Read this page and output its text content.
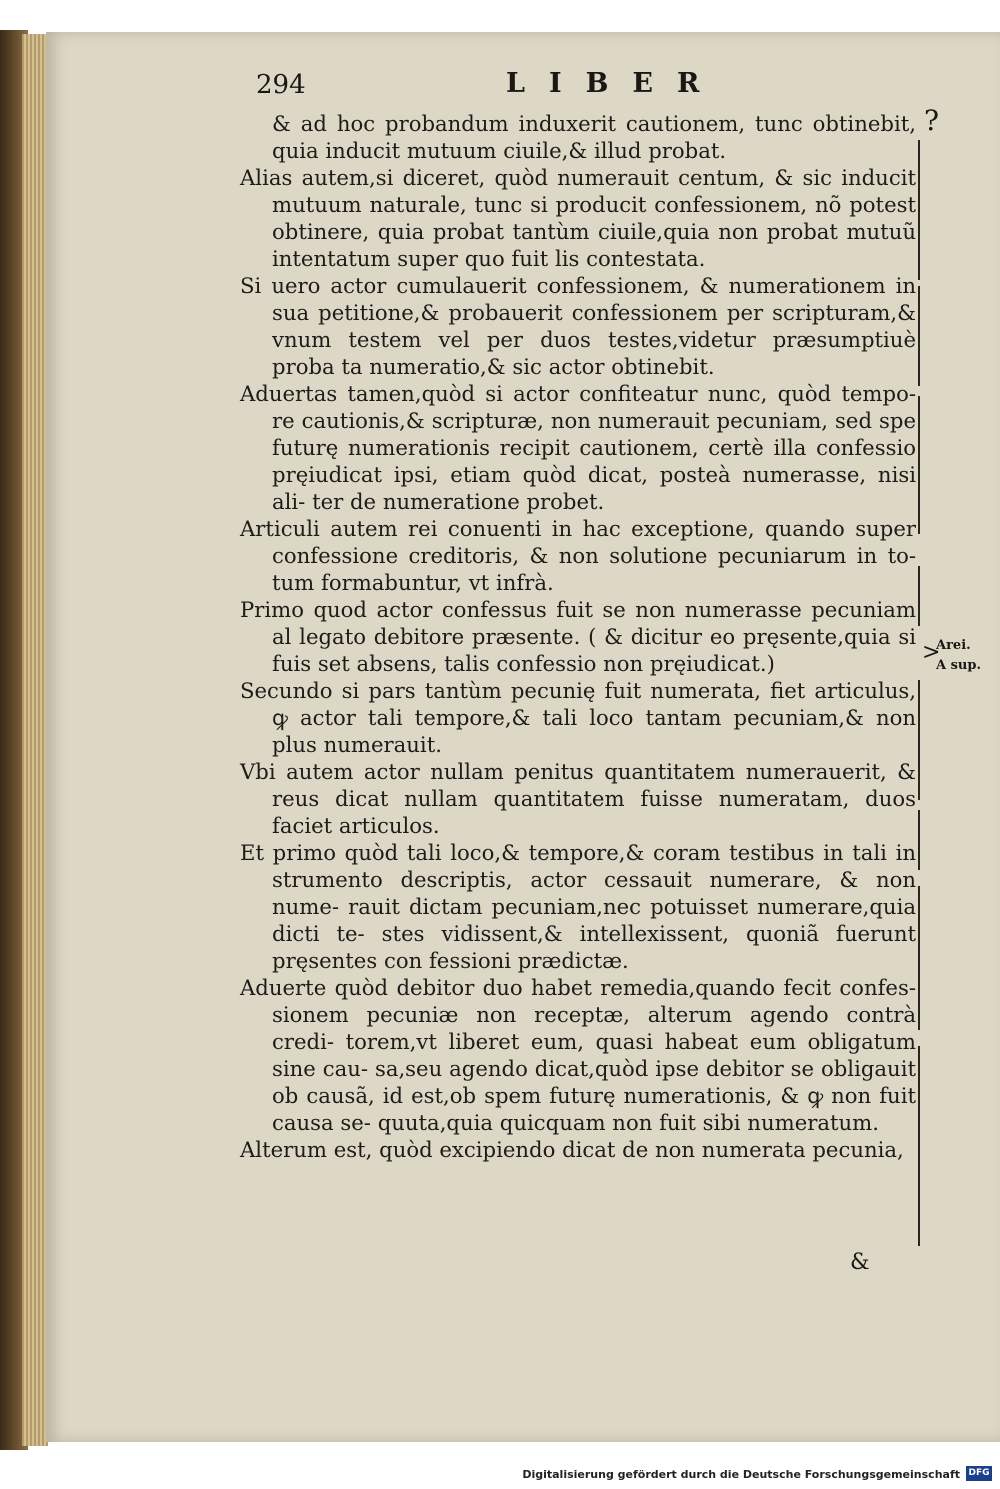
294	LIBER
?
>
Arei.
A sup.

& ad hoc probandum induxerit cautionem, tunc obtinebit, quia inducit mutuum ciuile,& illud probat.

Alias autem,si diceret, quòd numerauit centum, & sic inducit mutuum naturale, tunc si producit confessionem, nõ potest obtinere, quia probat tantùm ciuile,quia non probat mutuũ intentatum super quo fuit lis contestata.

Si uero actor cumulauerit confessionem, & numerationem in sua petitione,& probauerit confessionem per scripturam,& vnum testem vel per duos testes,videtur præsumptiuè proba ta numeratio,& sic actor obtinebit.

Aduertas tamen,quòd si actor confiteatur nunc, quòd tempo- re cautionis,& scripturæ, non numerauit pecuniam, sed spe futurę numerationis recipit cautionem, certè illa confessio pręiudicat ipsi, etiam quòd dicat, posteà numerasse, nisi ali- ter de numeratione probet.

Articuli autem rei conuenti in hac exceptione, quando super confessione creditoris, & non solutione pecuniarum in to- tum formabuntur, vt infrà.

Primo quod actor confessus fuit se non numerasse pecuniam al legato debitore præsente. ( & dicitur eo pręsente,quia si fuis set absens, talis confessio non pręiudicat.)

Secundo si pars tantùm pecunię fuit numerata, fiet articulus, ꝙ actor tali tempore,& tali loco tantam pecuniam,& non plus numerauit.

Vbi autem actor nullam penitus quantitatem numerauerit, & reus dicat nullam quantitatem fuisse numeratam, duos faciet articulos.

Et primo quòd tali loco,& tempore,& coram testibus in tali in strumento descriptis, actor cessauit numerare, & non nume- rauit dictam pecuniam,nec potuisset numerare,quia dicti te- stes vidissent,& intellexissent, quoniã fuerunt pręsentes con fessioni prædictæ.

Aduerte quòd debitor duo habet remedia,quando fecit confes- sionem pecuniæ non receptæ, alterum agendo contrà credi- torem,vt liberet eum, quasi habeat eum obligatum sine cau- sa,seu agendo dicat,quòd ipse debitor se obligauit ob causã, id est,ob spem futurę numerationis, & ꝙ non fuit causa se- quuta,quia quicquam non fuit sibi numeratum.

Alterum est, quòd excipiendo dicat de non numerata pecunia,

&
Digitalisierung gefördert durch die Deutsche Forschungsgemeinschaft DFG
